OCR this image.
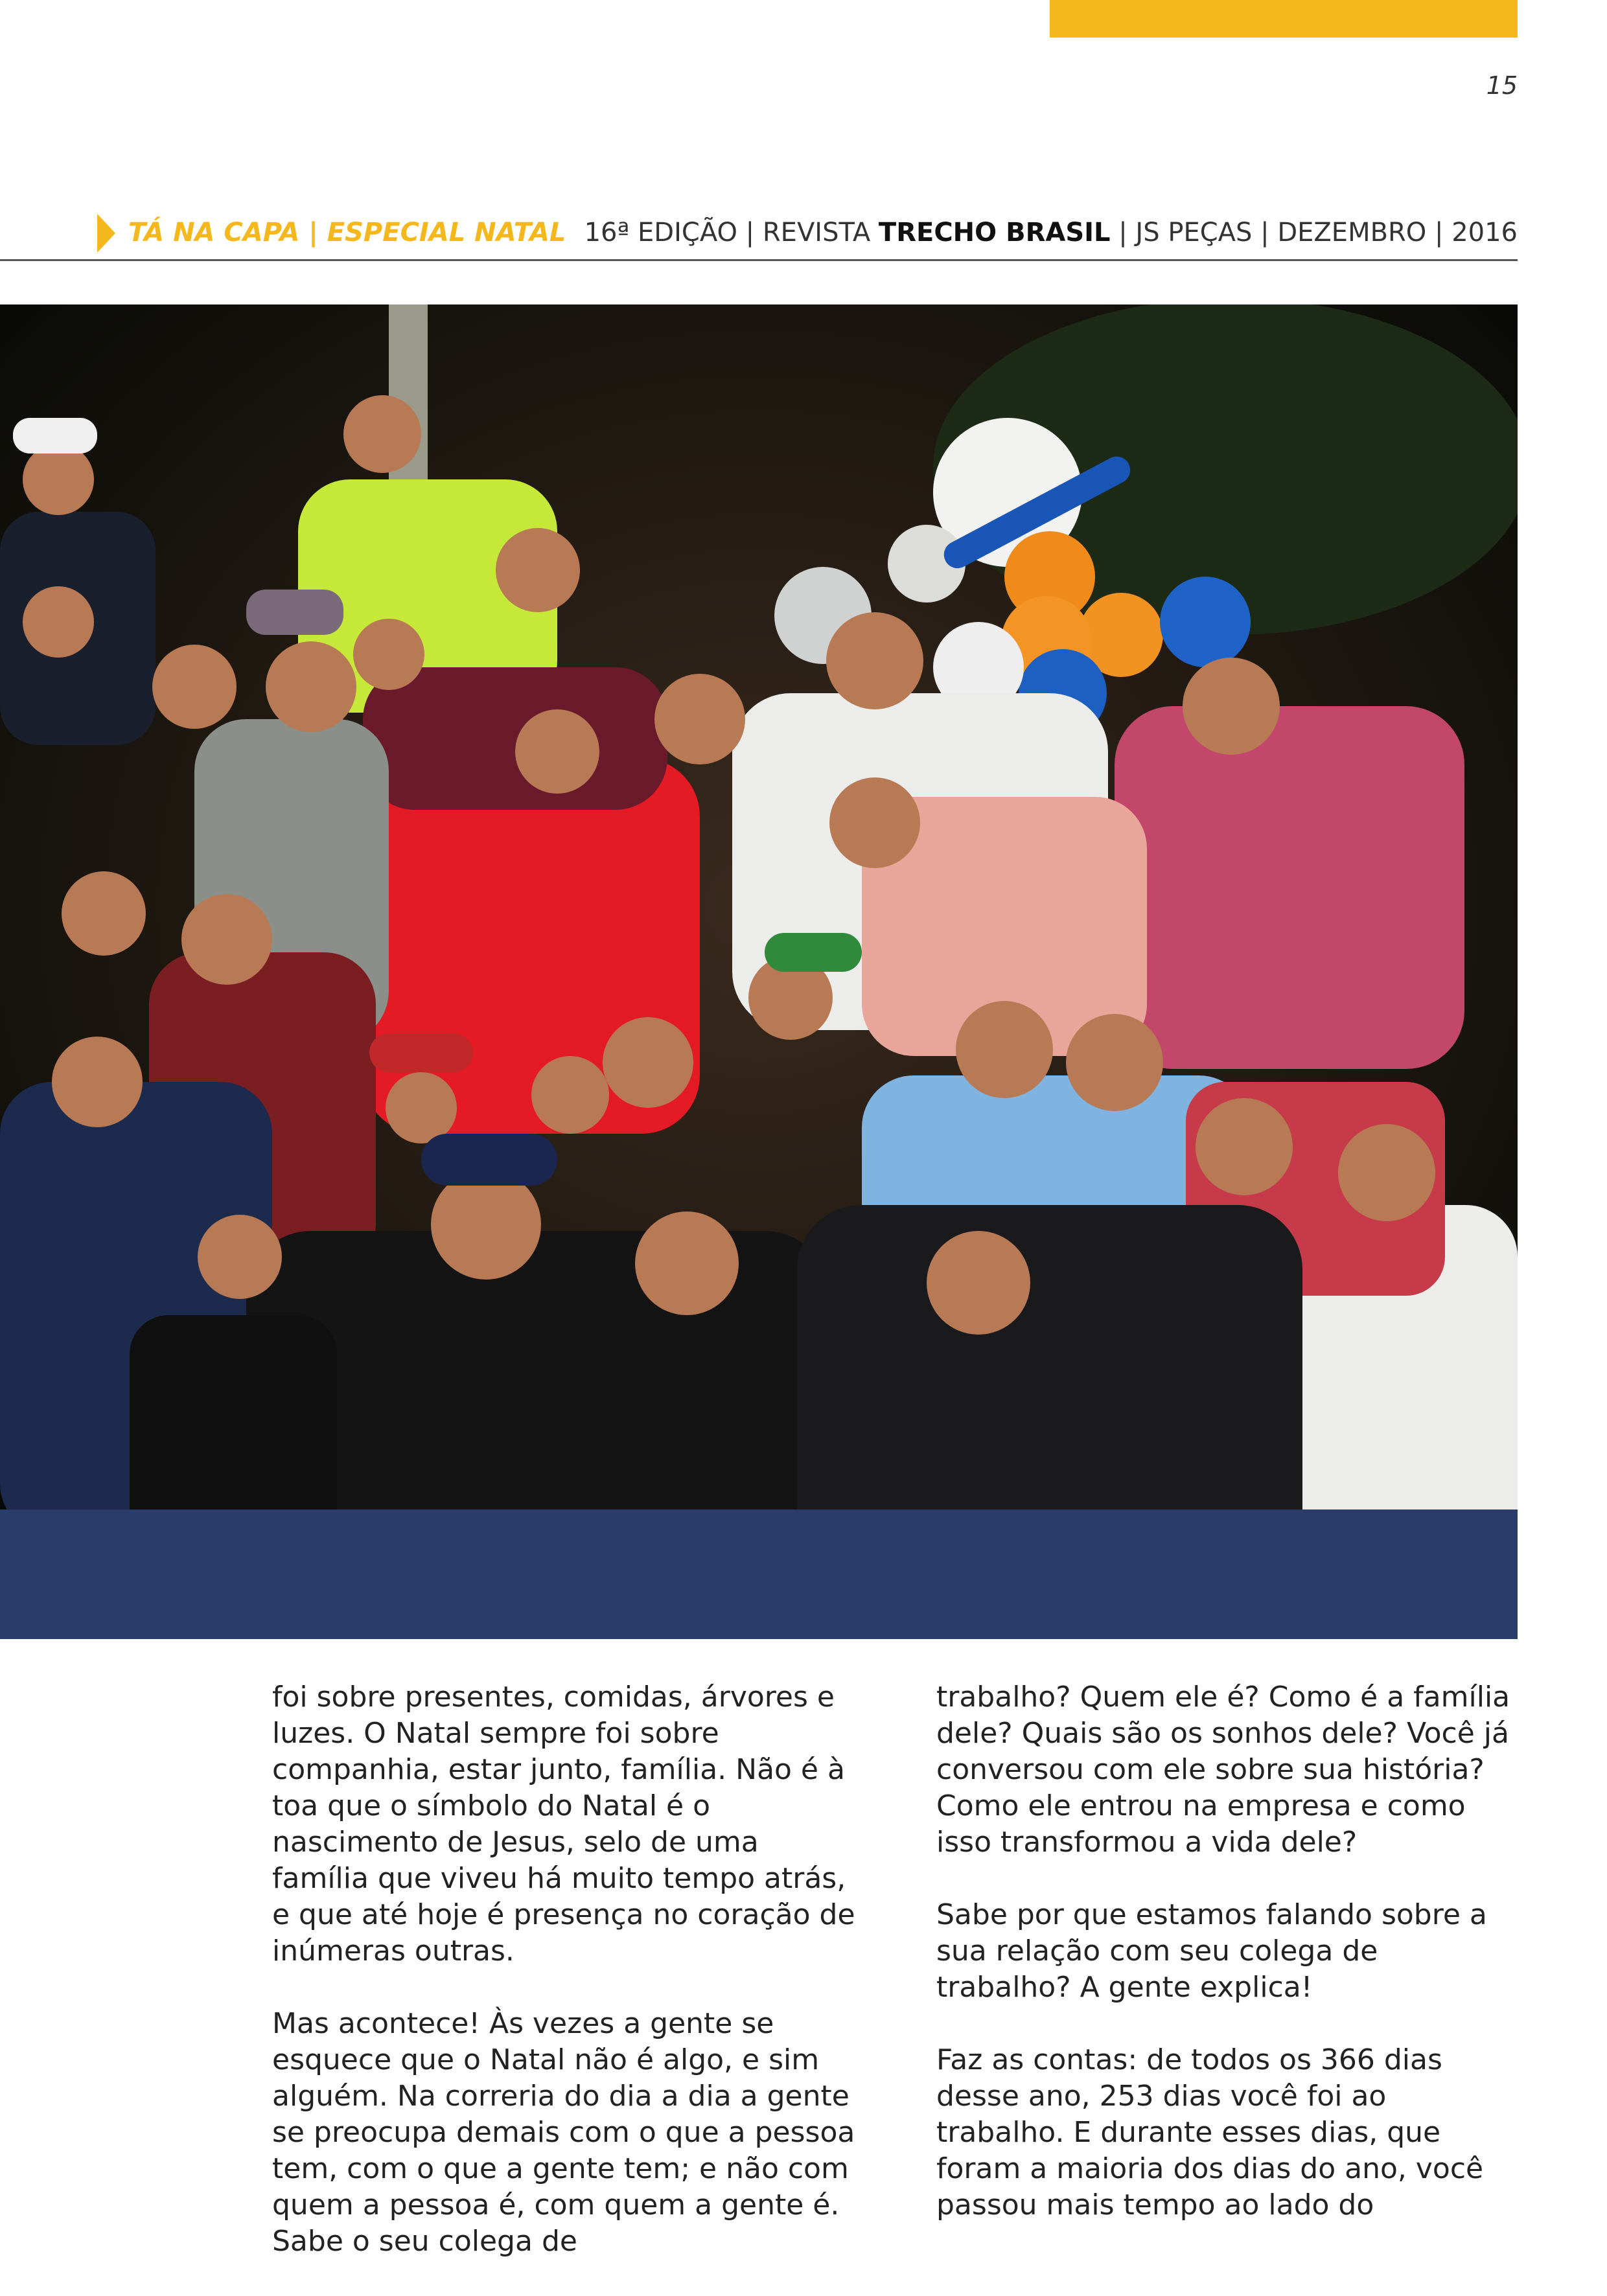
15
TÁ NA CAPA | ESPECIAL NATAL 16ª EDIÇÃO | REVISTA TRECHO BRASIL | JS PEÇAS | DEZEMBRO | 2016

foi sobre presentes, comidas, árvores e luzes. O Natal sempre foi sobre companhia, estar junto, família. Não é à toa que o símbolo do Natal é o nascimento de Jesus, selo de uma família que viveu há muito tempo atrás, e que até hoje é presença no coração de inúmeras outras.

Mas acontece! Às vezes a gente se esquece que o Natal não é algo, e sim alguém. Na correria do dia a dia a gente se preocupa demais com o que a pessoa tem, com o que a gente tem; e não com quem a pessoa é, com quem a gente é. Sabe o seu colega de

trabalho? Quem ele é? Como é a família dele? Quais são os sonhos dele? Você já conversou com ele sobre sua história? Como ele entrou na empresa e como isso transformou a vida dele?

Sabe por que estamos falando sobre a sua relação com seu colega de trabalho? A gente explica!

Faz as contas: de todos os 366 dias desse ano, 253 dias você foi ao trabalho. E durante esses dias, que foram a maioria dos dias do ano, você passou mais tempo ao lado do
